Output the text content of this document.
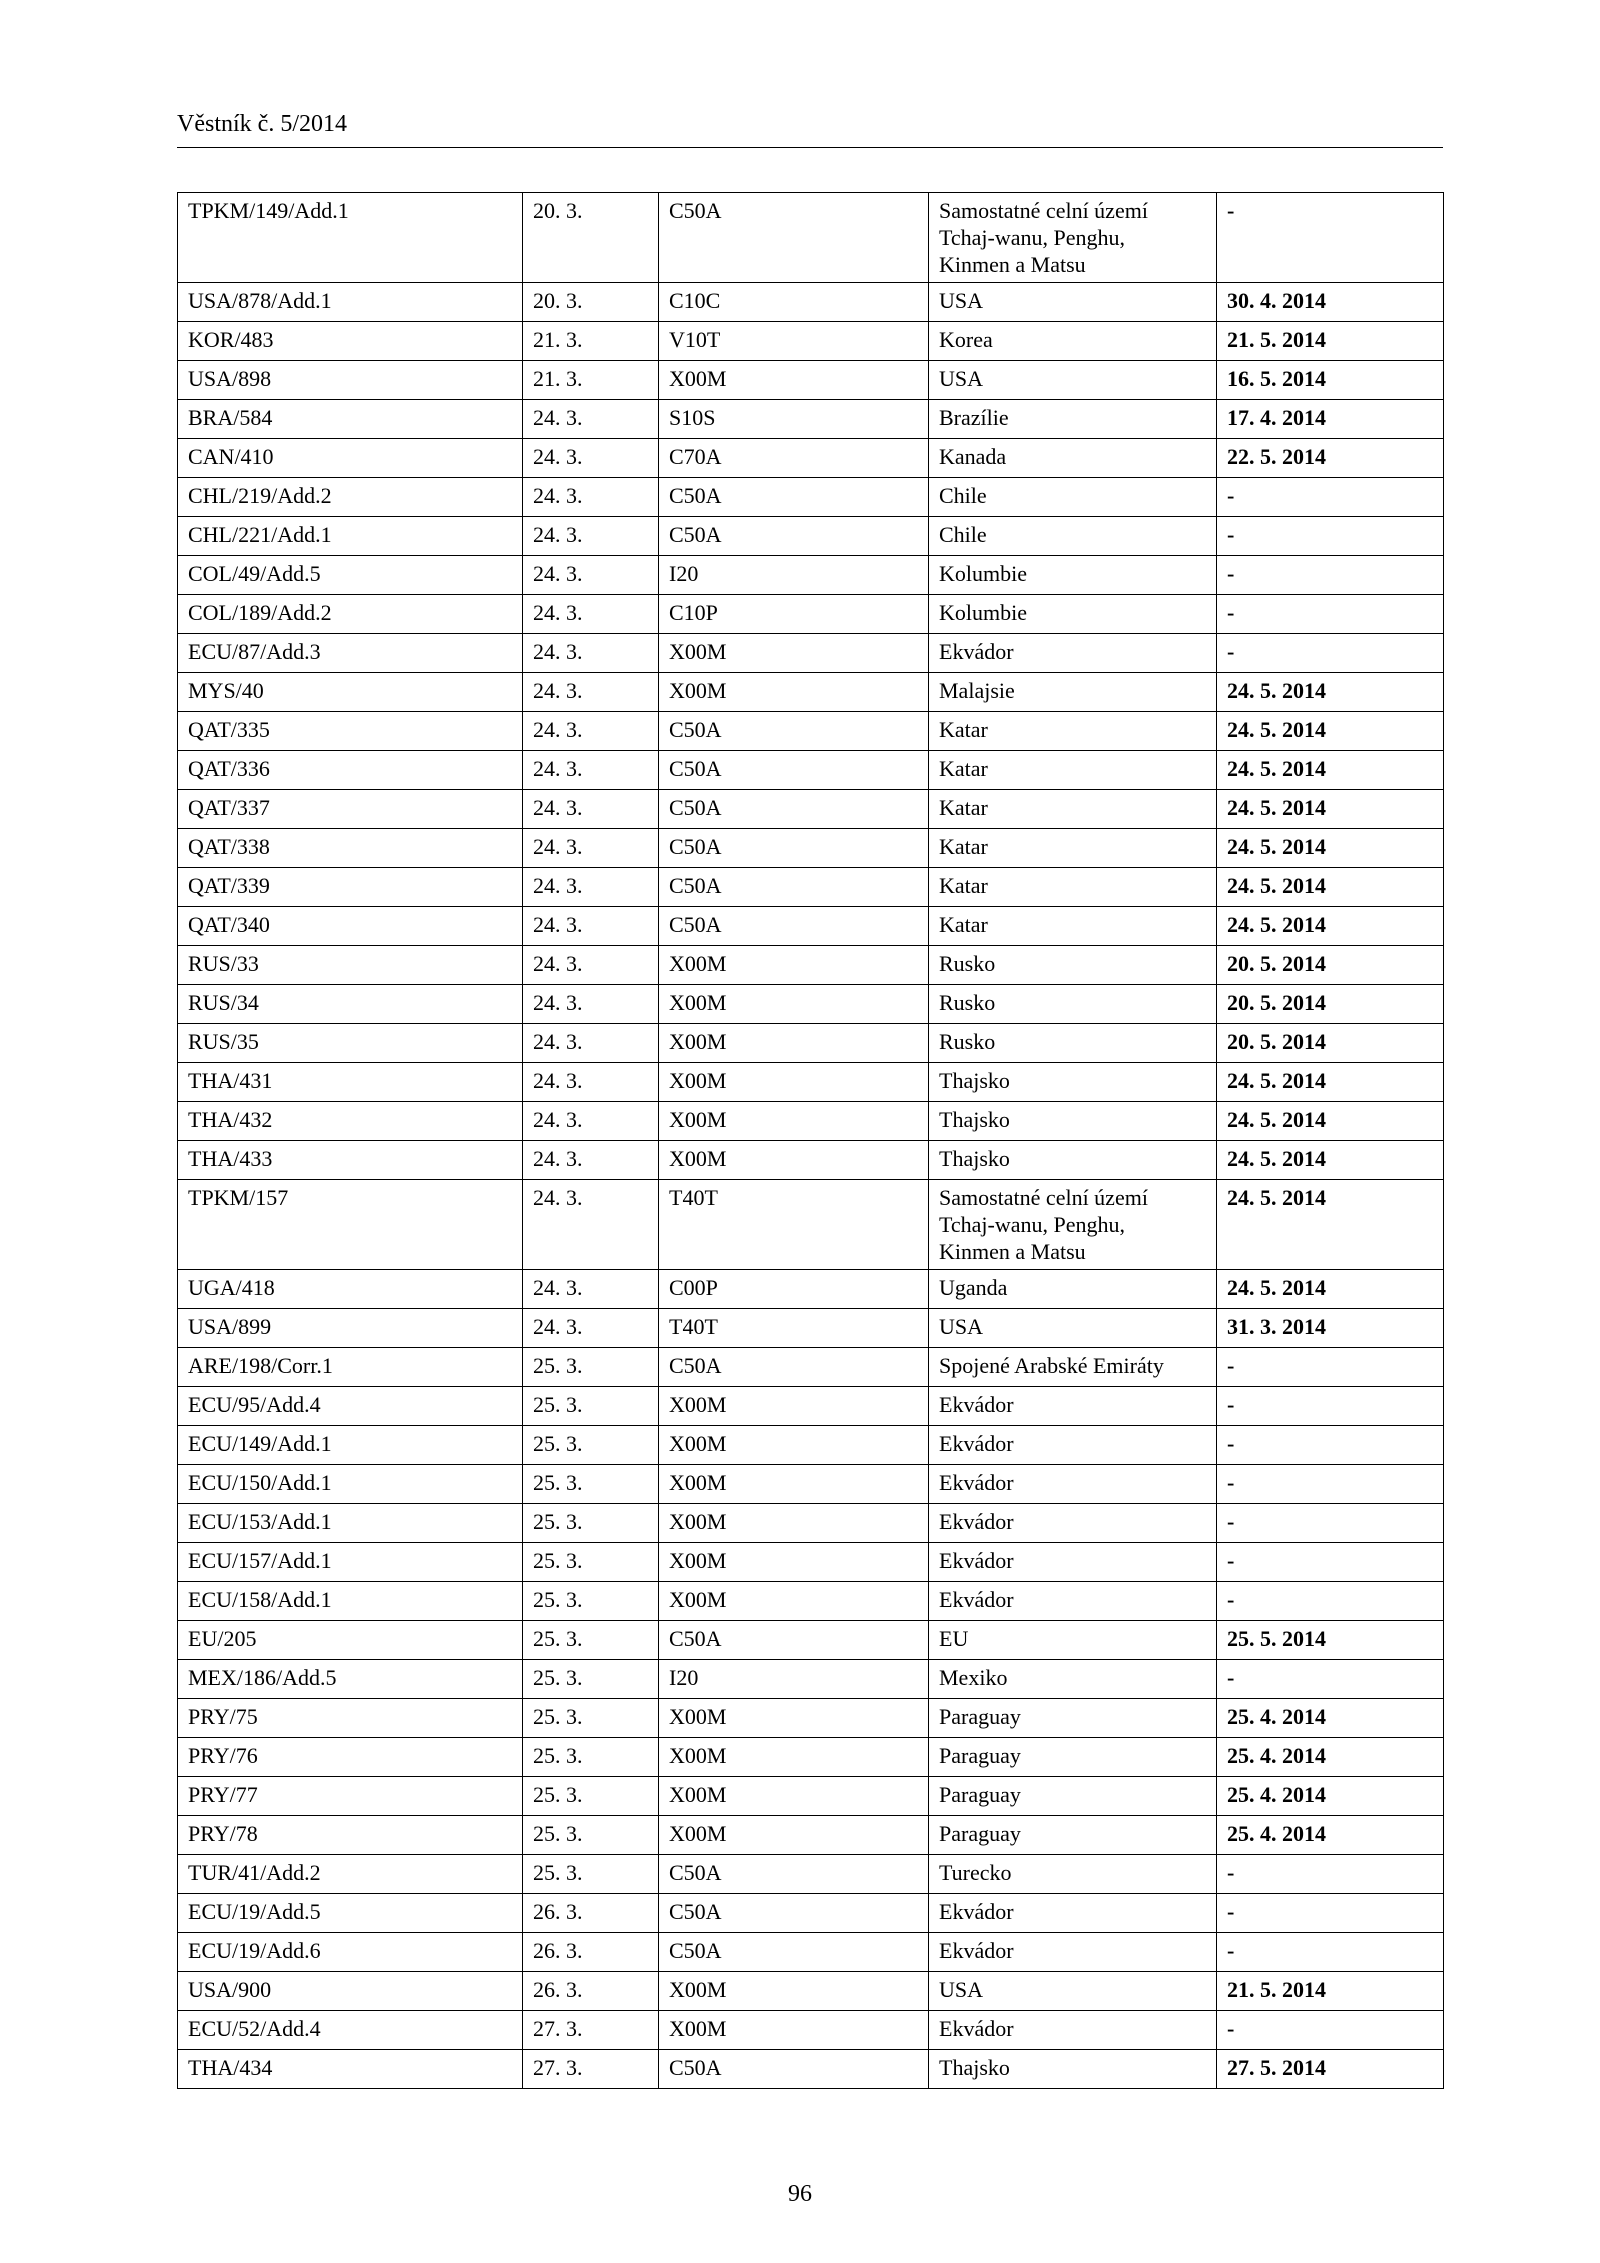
Věstník č. 5/2014
TPKM/149/Add.1	20. 3.	C50A	Samostatné celní území
Tchaj-wanu, Penghu,
Kinmen a Matsu	-
USA/878/Add.1	20. 3.	C10C	USA	30. 4. 2014
KOR/483	21. 3.	V10T	Korea	21. 5. 2014
USA/898	21. 3.	X00M	USA	16. 5. 2014
BRA/584	24. 3.	S10S	Brazílie	17. 4. 2014
CAN/410	24. 3.	C70A	Kanada	22. 5. 2014
CHL/219/Add.2	24. 3.	C50A	Chile	-
CHL/221/Add.1	24. 3.	C50A	Chile	-
COL/49/Add.5	24. 3.	I20	Kolumbie	-
COL/189/Add.2	24. 3.	C10P	Kolumbie	-
ECU/87/Add.3	24. 3.	X00M	Ekvádor	-
MYS/40	24. 3.	X00M	Malajsie	24. 5. 2014
QAT/335	24. 3.	C50A	Katar	24. 5. 2014
QAT/336	24. 3.	C50A	Katar	24. 5. 2014
QAT/337	24. 3.	C50A	Katar	24. 5. 2014
QAT/338	24. 3.	C50A	Katar	24. 5. 2014
QAT/339	24. 3.	C50A	Katar	24. 5. 2014
QAT/340	24. 3.	C50A	Katar	24. 5. 2014
RUS/33	24. 3.	X00M	Rusko	20. 5. 2014
RUS/34	24. 3.	X00M	Rusko	20. 5. 2014
RUS/35	24. 3.	X00M	Rusko	20. 5. 2014
THA/431	24. 3.	X00M	Thajsko	24. 5. 2014
THA/432	24. 3.	X00M	Thajsko	24. 5. 2014
THA/433	24. 3.	X00M	Thajsko	24. 5. 2014
TPKM/157	24. 3.	T40T	Samostatné celní území
Tchaj-wanu, Penghu,
Kinmen a Matsu	24. 5. 2014
UGA/418	24. 3.	C00P	Uganda	24. 5. 2014
USA/899	24. 3.	T40T	USA	31. 3. 2014
ARE/198/Corr.1	25. 3.	C50A	Spojené Arabské Emiráty	-
ECU/95/Add.4	25. 3.	X00M	Ekvádor	-
ECU/149/Add.1	25. 3.	X00M	Ekvádor	-
ECU/150/Add.1	25. 3.	X00M	Ekvádor	-
ECU/153/Add.1	25. 3.	X00M	Ekvádor	-
ECU/157/Add.1	25. 3.	X00M	Ekvádor	-
ECU/158/Add.1	25. 3.	X00M	Ekvádor	-
EU/205	25. 3.	C50A	EU	25. 5. 2014
MEX/186/Add.5	25. 3.	I20	Mexiko	-
PRY/75	25. 3.	X00M	Paraguay	25. 4. 2014
PRY/76	25. 3.	X00M	Paraguay	25. 4. 2014
PRY/77	25. 3.	X00M	Paraguay	25. 4. 2014
PRY/78	25. 3.	X00M	Paraguay	25. 4. 2014
TUR/41/Add.2	25. 3.	C50A	Turecko	-
ECU/19/Add.5	26. 3.	C50A	Ekvádor	-
ECU/19/Add.6	26. 3.	C50A	Ekvádor	-
USA/900	26. 3.	X00M	USA	21. 5. 2014
ECU/52/Add.4	27. 3.	X00M	Ekvádor	-
THA/434	27. 3.	C50A	Thajsko	27. 5. 2014
96
